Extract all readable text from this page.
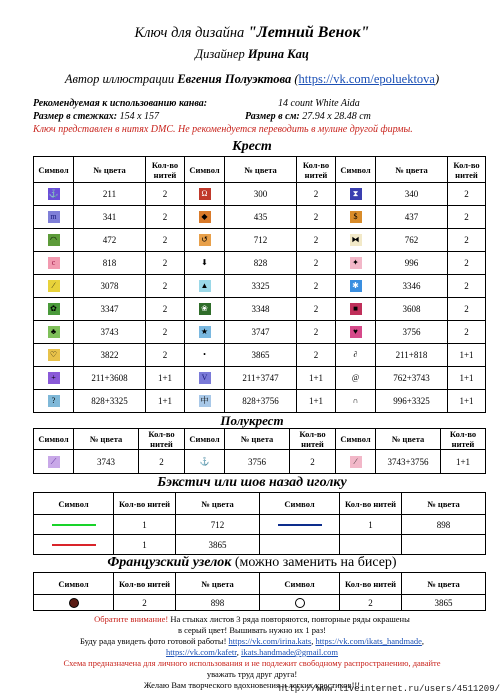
Ключ для дизайна "Летний Венок"
Дизайнер Ирина Кац
Автор иллюстрации Евгения Полуэктова (https://vk.com/epoluektova)
Рекомендуемая к использованию канва:	14 count White Aida
Размер в стежках: 154 x 157	Размер в см: 27.94 x 28.48 cm
Ключ представлен в нитях DMC. Не рекомендуется переводить в мулине другой фирмы.
Крест
Символ	№ цвета	Кол-во нитей	Символ	№ цвета	Кол-во нитей	Символ	№ цвета	Кол-во нитей
⚓	211	2	Ω	300	2	⧗	340	2
m	341	2	◆	435	2	$	437	2
◠	472	2	↺	712	2	⧓	762	2
c	818	2	⬇	828	2	✦	996	2
⁄	3078	2	▲	3325	2	✱	3346	2
✿	3347	2	❀	3348	2	■	3608	2
♣	3743	2	★	3747	2	♥	3756	2
♡	3822	2	•	3865	2	∂	211+818	1+1
+	211+3608	1+1	V	211+3747	1+1	@	762+3743	1+1
?	828+3325	1+1	中	828+3756	1+1	∩	996+3325	1+1
Полукрест
Символ	№ цвета	Кол-во нитей	Символ	№ цвета	Кол-во нитей	Символ	№ цвета	Кол-во нитей
⟋	3743	2	⚓	3756	2	⁄	3743+3756	1+1
Бэкстич или шов назад иголку
Символ	Кол-во нитей	№ цвета	Символ	Кол-во нитей	№ цвета
	1	712		1	898
	1	3865			
Французский узелок (можно заменить на бисер)
Символ	Кол-во нитей	№ цвета	Символ	Кол-во нитей	№ цвета
	2	898		2	3865
Обратите внимание! На стыках листов 3 ряда повторяются, повторные ряды окрашены
в серый цвет! Вышивать нужно их 1 раз!
Буду рада увидеть фото готовой работы! https://vk.com/irina.kats, https://vk.com/ikats_handmade,
https://vk.com/kafetr, ikats.handmade@gmail.com
Схема предназначена для личного использования и не подлежит свободному распространению, давайте
уважать труд друг друга!
Желаю Вам творческого вдохновения и легких крестиков!!!
http://www.liveinternet.ru/users/4511209/
